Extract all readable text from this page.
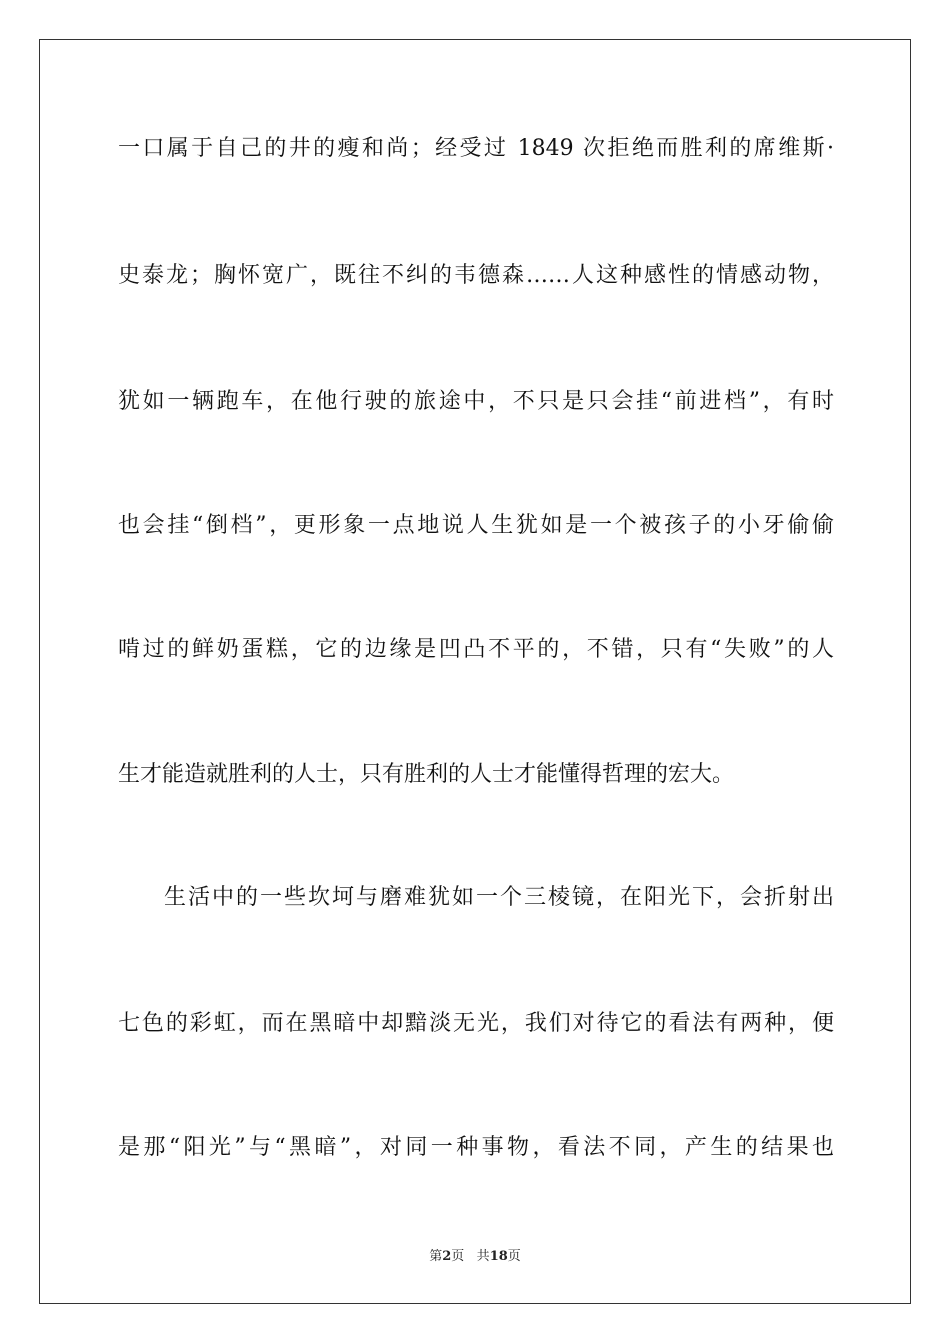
一口属于自己的井的瘦和尚；经受过 1849 次拒绝而胜利的席维斯·
史泰龙；胸怀宽广，既往不纠的韦德森……人这种感性的情感动物，
犹如一辆跑车，在他行驶的旅途中，不只是只会挂“前进档”，有时
也会挂“倒档”，更形象一点地说人生犹如是一个被孩子的小牙偷偷
啃过的鲜奶蛋糕，它的边缘是凹凸不平的，不错，只有“失败”的人
生才能造就胜利的人士，只有胜利的人士才能懂得哲理的宏大。
生活中的一些坎坷与磨难犹如一个三棱镜，在阳光下，会折射出
七色的彩虹，而在黑暗中却黯淡无光，我们对待它的看法有两种，便
是那“阳光”与“黑暗”，对同一种事物，看法不同，产生的结果也
第2页 共18页
